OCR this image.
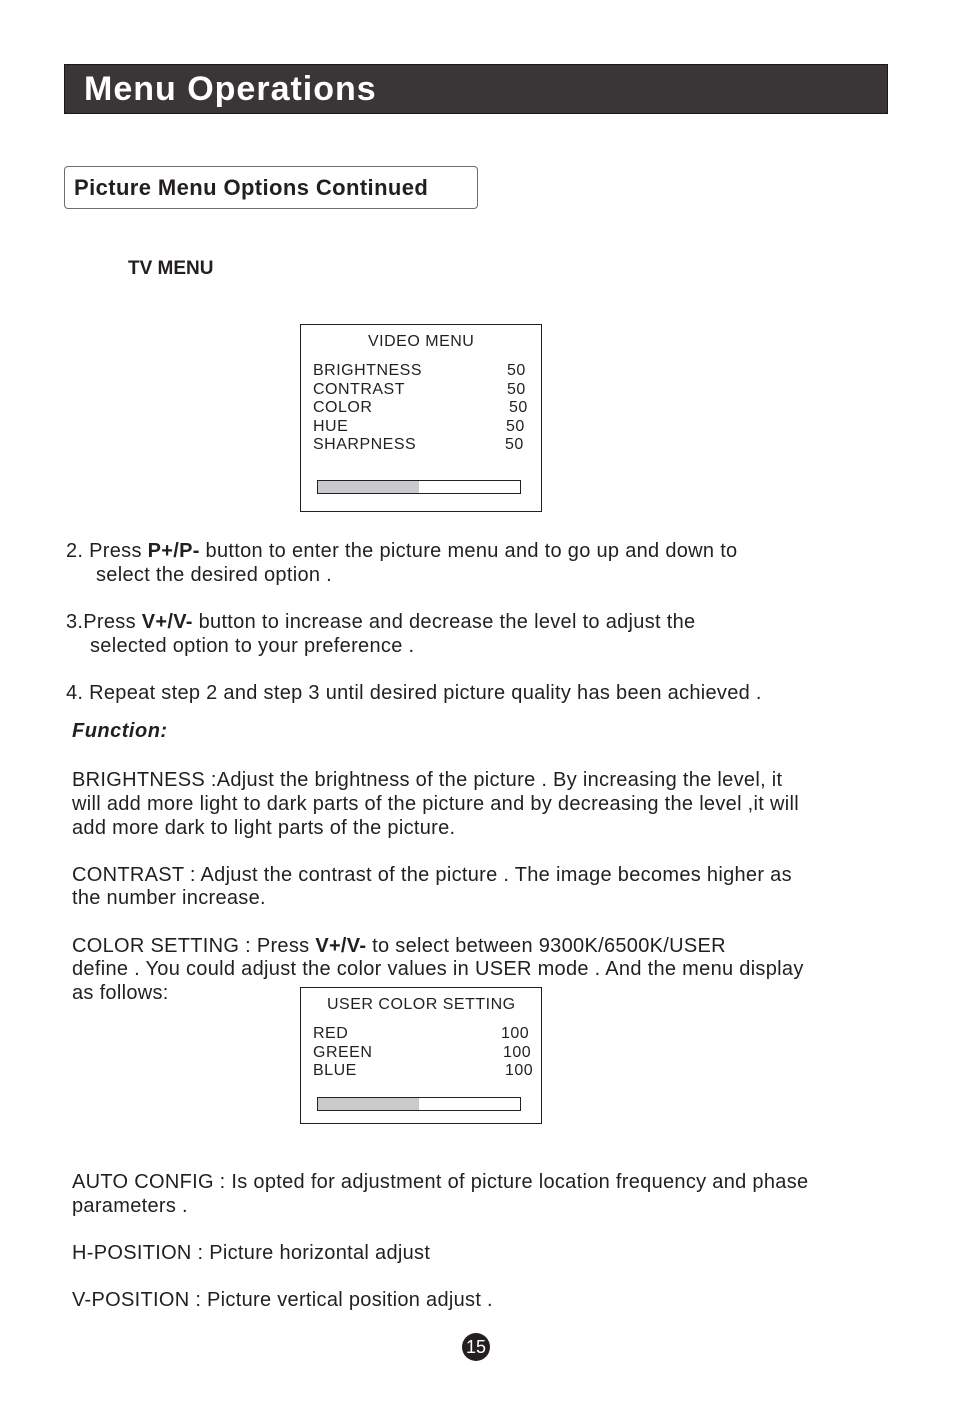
Menu Operations
Picture Menu Options Continued
TV MENU
VIDEO MENU
BRIGHTNESS	50
CONTRAST	50
COLOR	50
HUE	50
SHARPNESS	50
2. Press P+/P- button to enter the picture menu and to go up and down to
select the desired option .
3.Press V+/V- button to increase and decrease the level to adjust the
selected option to your preference .
4. Repeat step 2 and step 3 until desired picture quality has been achieved .
Function:
BRIGHTNESS :Adjust the brightness of the picture . By increasing the level, it
will add more light to dark parts of the picture and by decreasing the level ,it will
add more dark to light parts of the picture.
CONTRAST : Adjust the contrast of the picture . The image becomes higher as
the number increase.
COLOR SETTING : Press V+/V- to select between 9300K/6500K/USER
define . You could adjust the color values in USER mode . And the menu display
as follows:
USER COLOR SETTING
RED	100
GREEN	100
BLUE	100
AUTO CONFIG : Is opted for adjustment of picture location frequency and phase
parameters .
H-POSITION : Picture horizontal adjust
V-POSITION : Picture vertical position adjust .
15
